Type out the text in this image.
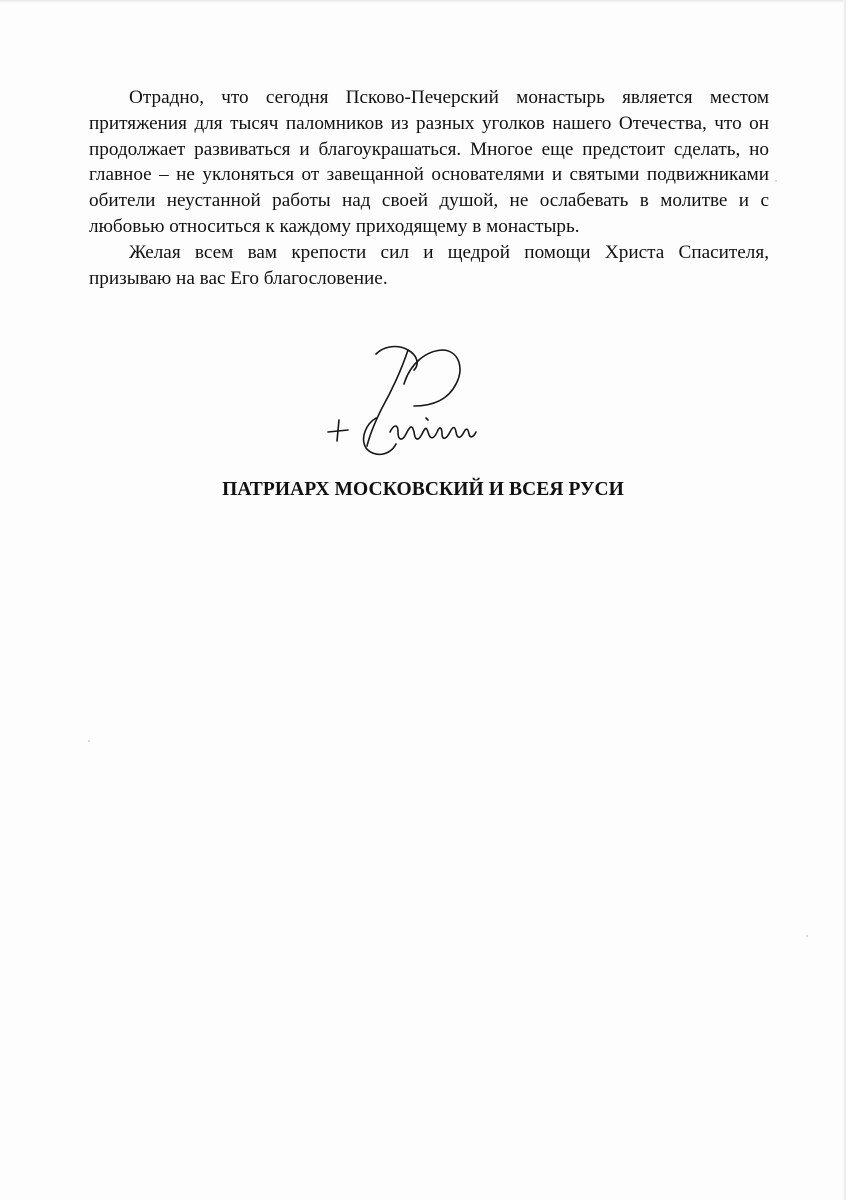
Отрадно, что сегодня Псково-Печерский монастырь является местом притяжения для тысяч паломников из разных уголков нашего Отечества, что он продолжает развиваться и благоукрашаться. Многое еще предстоит сделать, но главное – не уклоняться от завещанной основателями и святыми подвижниками обители неустанной работы над своей душой, не ослабевать в молитве и с любовью относиться к каждому приходящему в монастырь.

Желая всем вам крепости сил и щедрой помощи Христа Спасителя, призываю на вас Его благословение.

ПАТРИАРХ МОСКОВСКИЙ И ВСЕЯ РУСИ
